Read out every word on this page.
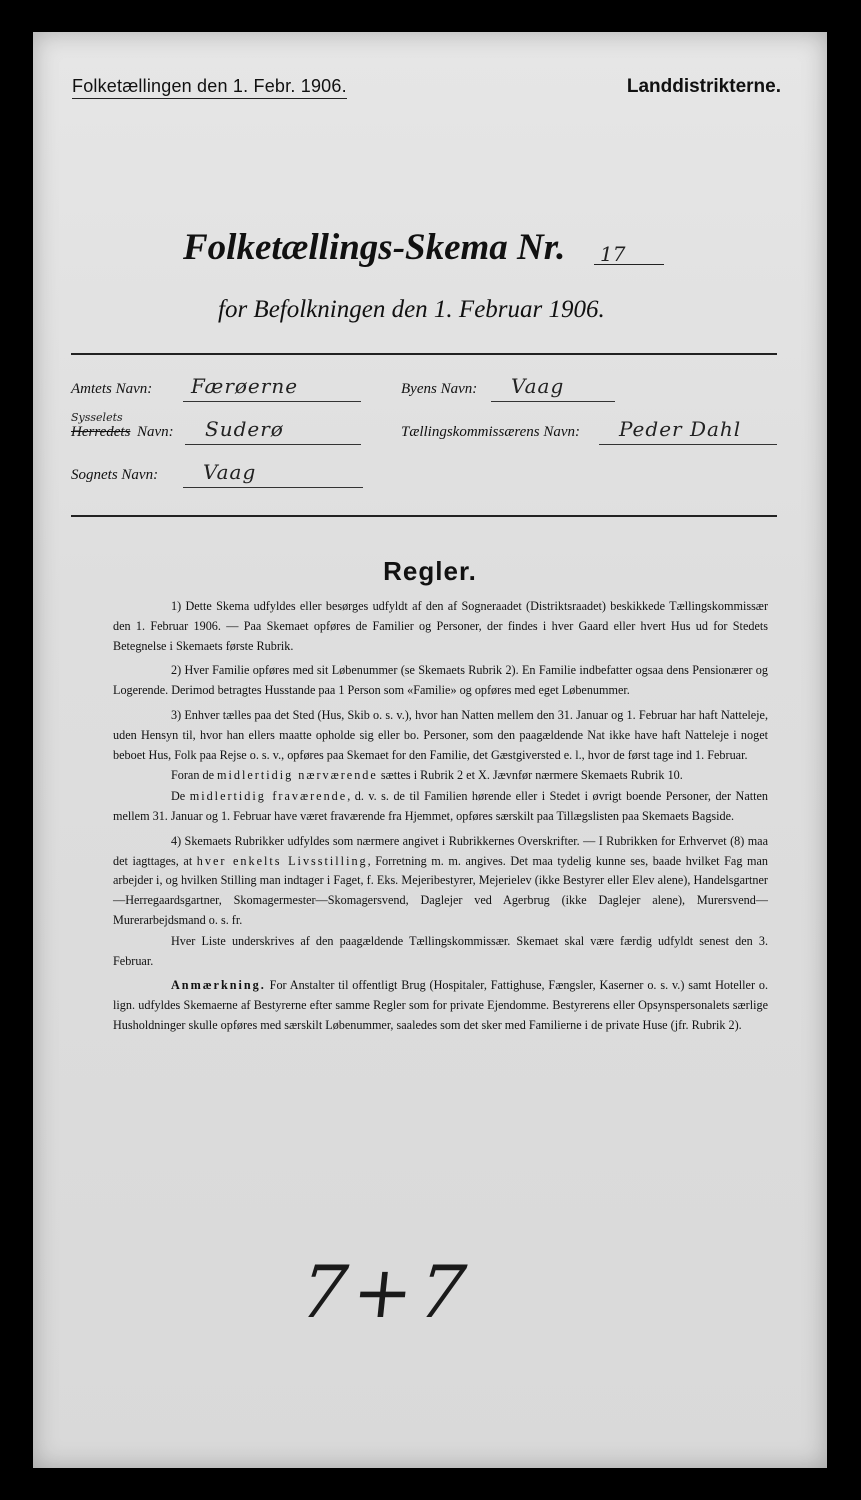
Folketællingen den 1. Febr. 1906.	Landdistrikterne.
Folketællings-Skema Nr. 17
for Befolkningen den 1. Februar 1906.
Amtets Navn: Færøerne	Byens Navn: Vaag
Sysselets
Herredets Navn: Suderø	Tællingskommissærens Navn: Peder Dahl
Sognets Navn: Vaag
Regler.

1) Dette Skema udfyldes eller besørges udfyldt af den af Sogneraadet (Distriktsraadet) beskikkede Tællingskommissær den 1. Februar 1906. — Paa Skemaet opføres de Familier og Personer, der findes i hver Gaard eller hvert Hus ud for Stedets Betegnelse i Skemaets første Rubrik.

2) Hver Familie opføres med sit Løbenummer (se Skemaets Rubrik 2). En Familie indbefatter ogsaa dens Pensionærer og Logerende. Derimod betragtes Husstande paa 1 Person som «Familie» og opføres med eget Løbenummer.

3) Enhver tælles paa det Sted (Hus, Skib o. s. v.), hvor han Natten mellem den 31. Januar og 1. Februar har haft Natteleje, uden Hensyn til, hvor han ellers maatte opholde sig eller bo. Personer, som den paagældende Nat ikke have haft Natteleje i noget beboet Hus, Folk paa Rejse o. s. v., opføres paa Skemaet for den Familie, det Gæstgiversted e. l., hvor de først tage ind 1. Februar.

Foran de midlertidig nærværende sættes i Rubrik 2 et X. Jævnfør nærmere Skemaets Rubrik 10.

De midlertidig fraværende, d. v. s. de til Familien hørende eller i Stedet i øvrigt boende Personer, der Natten mellem 31. Januar og 1. Februar have været fraværende fra Hjemmet, opføres særskilt paa Tillægslisten paa Skemaets Bagside.

4) Skemaets Rubrikker udfyldes som nærmere angivet i Rubrikkernes Overskrifter. — I Rubrikken for Erhvervet (8) maa det iagttages, at hver enkelts Livsstilling, Forretning m. m. angives. Det maa tydelig kunne ses, baade hvilket Fag man arbejder i, og hvilken Stilling man indtager i Faget, f. Eks. Mejeribestyrer, Mejerielev (ikke Bestyrer eller Elev alene), Handelsgartner—Herregaardsgartner, Skomagermester—Skomagersvend, Daglejer ved Agerbrug (ikke Daglejer alene), Murersvend—Murerarbejdsmand o. s. fr.

Hver Liste underskrives af den paagældende Tællingskommissær. Skemaet skal være færdig udfyldt senest den 3. Februar.

Anmærkning. For Anstalter til offentligt Brug (Hospitaler, Fattighuse, Fængsler, Kaserner o. s. v.) samt Hoteller o. lign. udfyldes Skemaerne af Bestyrerne efter samme Regler som for private Ejendomme. Bestyrerens eller Opsynspersonalets særlige Husholdninger skulle opføres med særskilt Løbenummer, saaledes som det sker med Familierne i de private Huse (jfr. Rubrik 2).

7+7
